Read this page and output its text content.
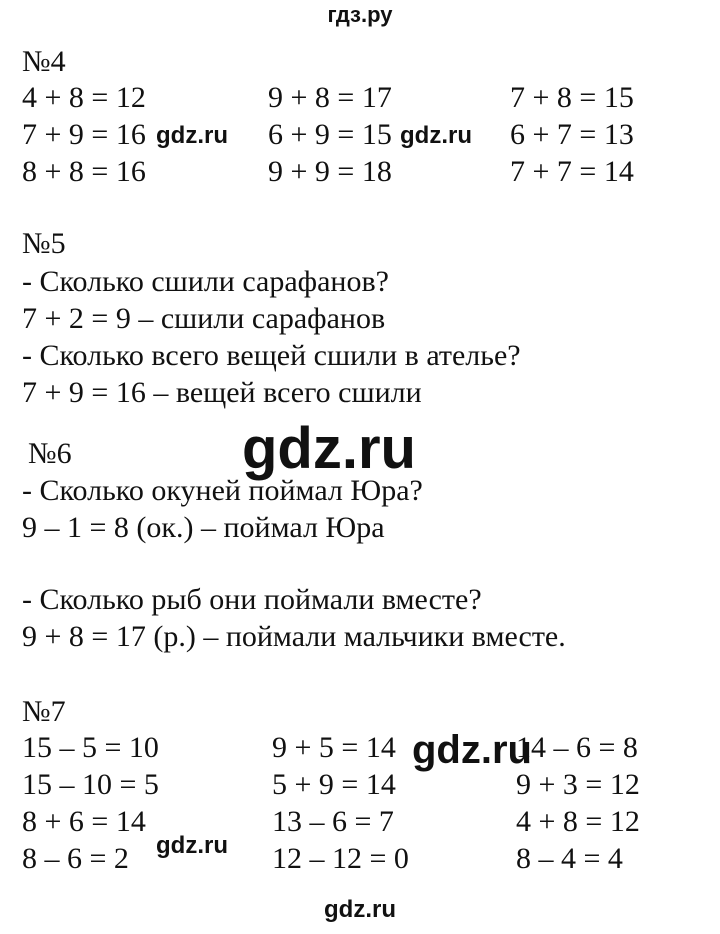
гдз.ру
№4
4 + 8 = 12	9 + 8 = 17	7 + 8 = 15
7 + 9 = 16	6 + 9 = 15	6 + 7 = 13
8 + 8 = 16	9 + 9 = 18	7 + 7 = 14
gdz.ru	gdz.ru
№5
- Сколько сшили сарафанов?
7 + 2 = 9 – сшили сарафанов
- Сколько всего вещей сшили в ателье?
7 + 9 = 16 – вещей всего сшили
№6	gdz.ru
- Сколько окуней поймал Юра?
9 – 1 = 8 (ок.) – поймал Юра
- Сколько рыб они поймали вместе?
9 + 8 = 17 (р.) – поймали мальчики вместе.
№7
15 – 5 = 10	9 + 5 = 14	14 – 6 = 8
15 – 10 = 5	5 + 9 = 14	9 + 3 = 12
8 + 6 = 14	13 – 6 = 7	4 + 8 = 12
8 – 6 = 2	12 – 12 = 0	8 – 4 = 4
gdz.ru
gdz.ru
gdz.ru
